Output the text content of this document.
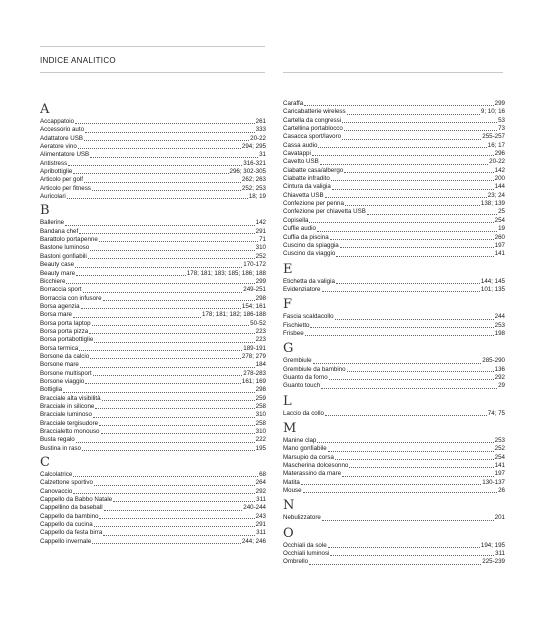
INDICE ANALITICO
A
Accappatoio	261
Accessorio auto	333
Adattatore USB	20-22
Aeratore vino	294; 295
Alimentatore USB	31
Antistress	316-321
Apribottiglie	296; 302-305
Articolo per golf	262; 263
Articolo per fitness	252; 253
Auricolari	18; 19
B
Ballerine	142
Bandana chef	291
Barattolo portapenne	71
Bastone luminoso	310
Bastoni gonfiabili	252
Beauty case	170-172
Beauty mare	178; 181; 183; 185; 186; 188
Bicchiere	299
Borraccia sport	249-251
Borraccia con infusore	298
Borsa agenzia	154; 161
Borsa mare	178; 181; 182; 186-188
Borsa porta laptop	50-52
Borsa porta pizza	223
Borsa portabottiglie	223
Borsa termica	189-191
Borsone da calcio	278; 279
Borsone mare	184
Borsone multisport	278-283
Borsone viaggio	161; 169
Bottiglia	298
Bracciale alta visibilità	259
Bracciale in silicone	258
Bracciale luminoso	310
Bracciale tergisudore	258
Braccialetto monouso	310
Busta regalo	222
Bustina in raso	195
C
Calcolatrice	68
Calzettone sportivo	264
Canovaccio	292
Cappello da Babbo Natale	311
Cappellino da baseball	240-244
Cappello da bambino	243
Cappello da cucina	291
Cappello da festa birra	311
Cappello invernale	244; 246
Caraffa	299
Caricabatterie wireless	9; 10; 16
Cartella da congressi	53
Cartellina portablocco	73
Casacca sport/lavoro	255-257
Cassa audio	16; 17
Cavatappi	296
Cavetto USB	20-22
Ciabatte casa/albergo	142
Ciabatte infradito	200
Cintura da valigia	144
Chiavetta USB	23; 24
Confezione per penna	138; 139
Confezione per chiavetta USB	25
Copisella	254
Cuffie audio	19
Cuffia da piscina	260
Cuscino da spiaggia	197
Cuscino da viaggio	141
E
Etichetta da valigia	144; 145
Evidenziatore	101; 135
F
Fascia scaldacollo	244
Fischietto	253
Frisbee	198
G
Grembiule	285-290
Grembiule da bambino	136
Guanto da forno	292
Guanto touch	29
L
Laccio da collo	74; 75
M
Manine clap	253
Mano gonfiabile	252
Marsupio da corsa	254
Mascherina dolcesonno	141
Materassino da mare	197
Matita	130-137
Mouse	26
N
Nebulizzatore	201
O
Occhiali da sole	194; 195
Occhiali luminosi	311
Ombrello	225-239
